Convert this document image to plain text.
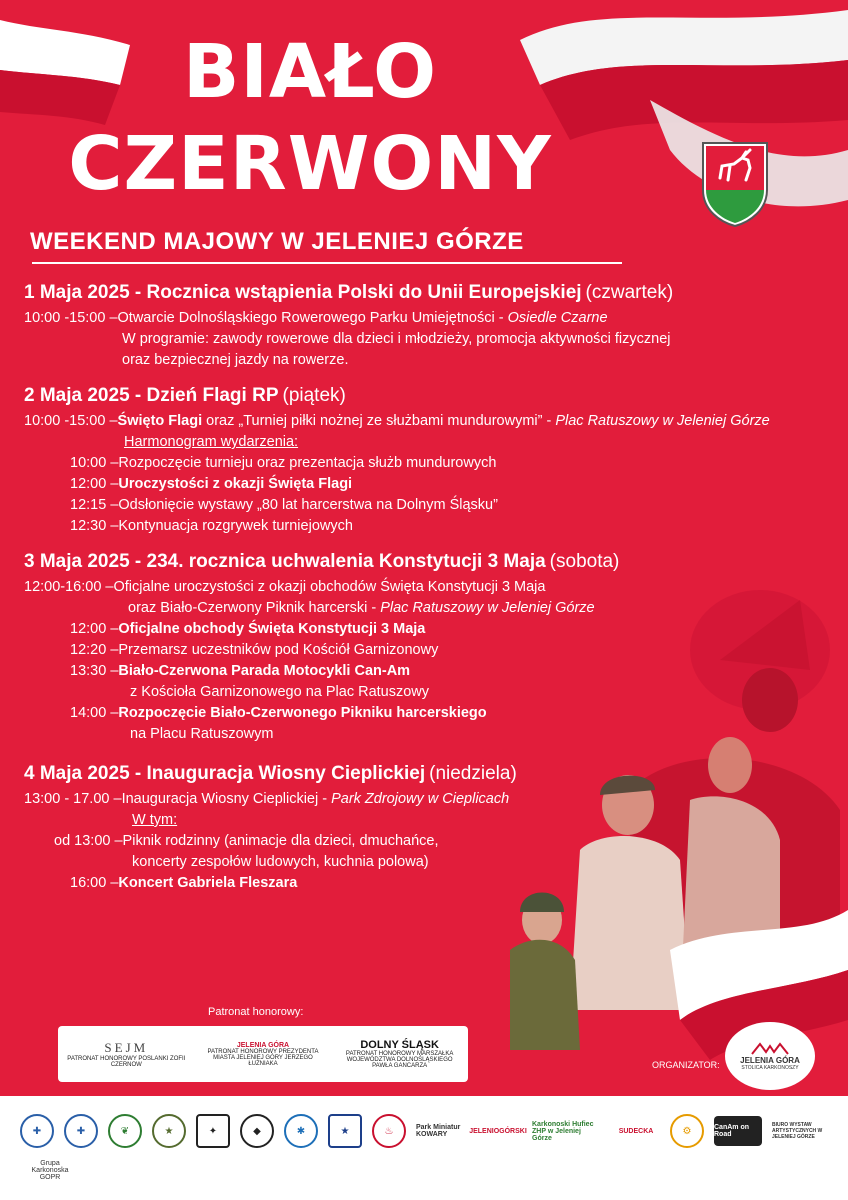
BIAŁO
CZERWONY
WEEKEND MAJOWY W JELENIEJ GÓRZE
1 Maja 2025 - Rocznica wstąpienia Polski do Unii Europejskiej (czwartek)
10:00 -15:00 – Otwarcie Dolnośląskiego Rowerowego Parku Umiejętności - Osiedle Czarne
W programie: zawody rowerowe dla dzieci i młodzieży, promocja aktywności fizycznej
oraz bezpiecznej jazdy na rowerze.
2 Maja 2025 - Dzień Flagi RP (piątek)
10:00 -15:00 – Święto Flagi oraz „Turniej piłki nożnej ze służbami mundurowymi” - Plac Ratuszowy w Jeleniej Górze
Harmonogram wydarzenia:
10:00 – Rozpoczęcie turnieju oraz prezentacja służb mundurowych
12:00 – Uroczystości z okazji Święta Flagi
12:15 – Odsłonięcie wystawy „80 lat harcerstwa na Dolnym Śląsku”
12:30 – Kontynuacja rozgrywek turniejowych
3 Maja 2025 - 234. rocznica uchwalenia Konstytucji 3 Maja (sobota)
12:00-16:00 – Oficjalne uroczystości z okazji obchodów Święta Konstytucji 3 Maja
oraz Biało-Czerwony Piknik harcerski - Plac Ratuszowy w Jeleniej Górze
12:00 – Oficjalne obchody Święta Konstytucji 3 Maja
12:20 – Przemarsz uczestników pod Kościół Garnizonowy
13:30 – Biało-Czerwona Parada Motocykli Can-Am
z Kościoła Garnizonowego na Plac Ratuszowy
14:00 – Rozpoczęcie Biało-Czerwonego Pikniku harcerskiego
na Placu Ratuszowym
4 Maja 2025 - Inauguracja Wiosny Cieplickiej (niedziela)
13:00 - 17.00 – Inauguracja Wiosny Cieplickiej - Park Zdrojowy w Cieplicach
W tym:
od 13:00 – Piknik rodzinny (animacje dla dzieci, dmuchańce,
koncerty zespołów ludowych, kuchnia polowa)
16:00 – Koncert Gabriela Fleszara
Patronat honorowy:
SEJM
PATRONAT HONOROWY POSLANKI ZOFII CZERNOW
JELENIA GÓRA
PATRONAT HONOROWY PREZYDENTA MIASTA JELENIEJ GÓRY JERZEGO ŁUŻNIAKA
DOLNY ŚLĄSK
PATRONAT HONOROWY MARSZAŁKA WOJEWÓDZTWA DOLNOŚLĄSKIEGO PAWŁA GANCARZA	ORGANIZATOR:	JELENIA GÓRA
STOLICA KARKONOSZY
✚	✚	❦	★	✦	◆	✱	★	♨	Park Miniatur KOWARY	JELENIOGÓRSKI
Karkonoski Hufiec ZHP w Jeleniej Górze
SUDECKA	⚙	CanAm on Road
BIURO WYSTAW ARTYSTYCZNYCH W JELENIEJ GÓRZE
Grupa Karkonoska GOPR
